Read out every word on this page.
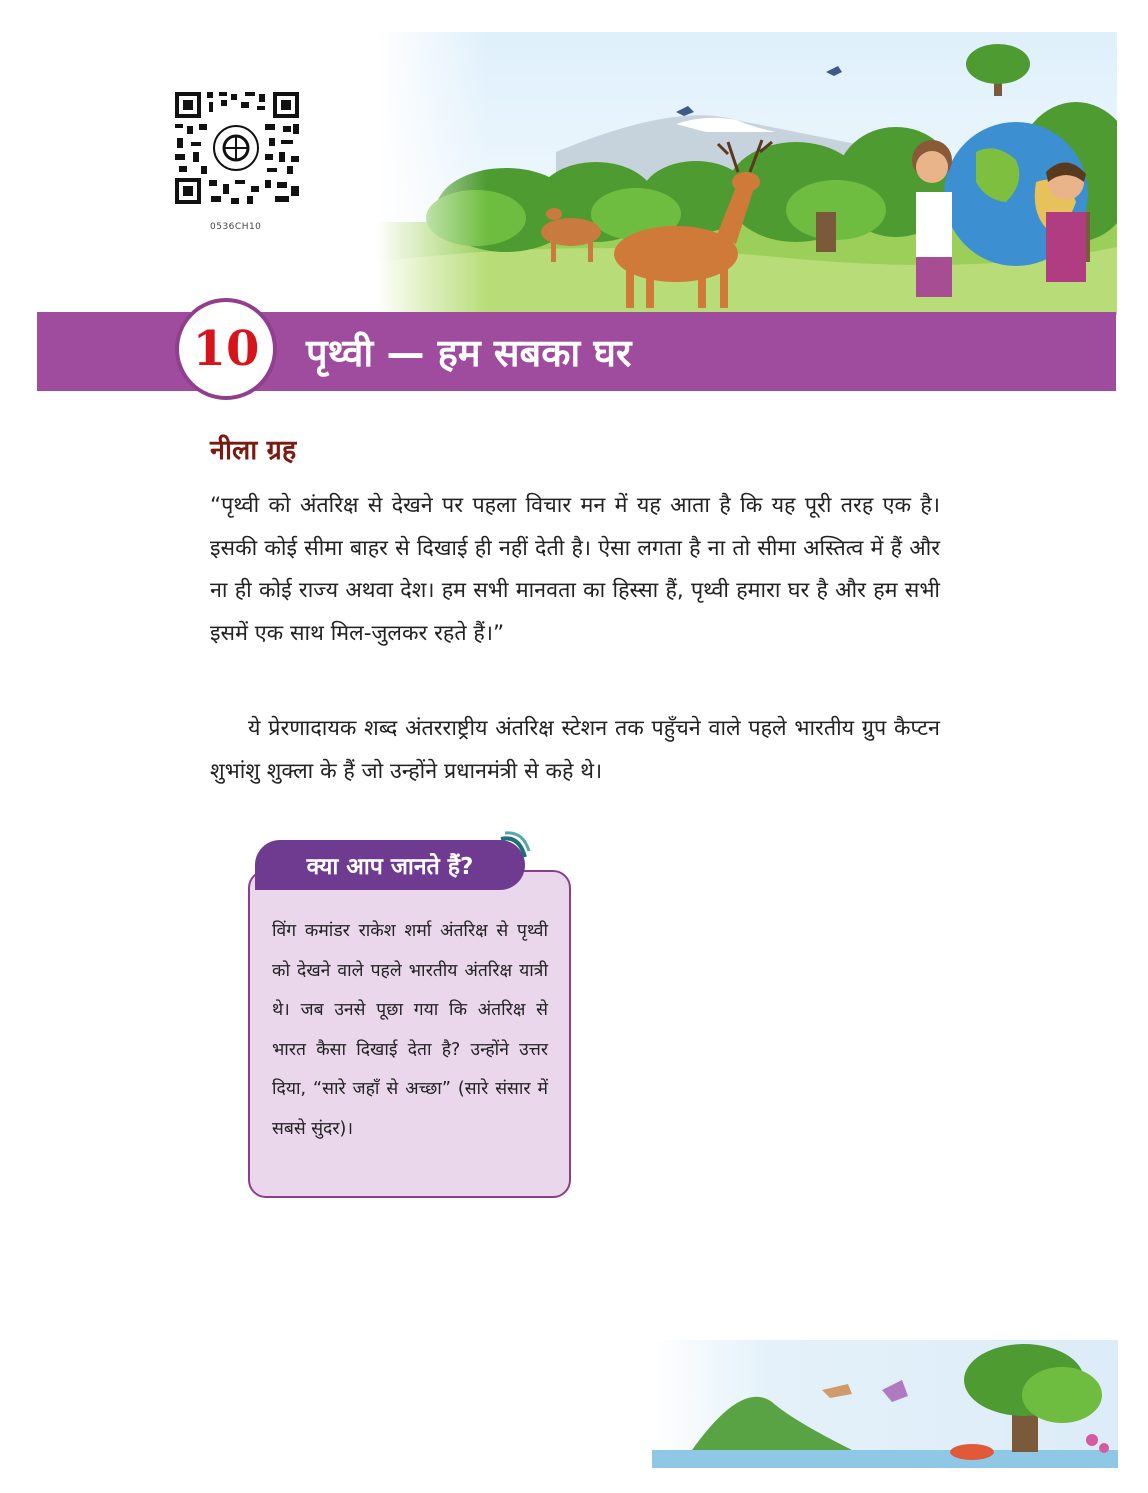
0536CH10
10 पृथ्वी — हम सबका घर
नीला ग्रह

“पृथ्वी को अंतरिक्ष से देखने पर पहला विचार मन में यह आता है कि यह पूरी तरह एक है। इसकी कोई सीमा बाहर से दिखाई ही नहीं देती है। ऐसा लगता है ना तो सीमा अस्तित्व में हैं और ना ही कोई राज्य अथवा देश। हम सभी मानवता का हिस्सा हैं, पृथ्वी हमारा घर है और हम सभी इसमें एक साथ मिल-जुलकर रहते हैं।”

ये प्रेरणादायक शब्द अंतरराष्ट्रीय अंतरिक्ष स्टेशन तक पहुँचने वाले पहले भारतीय ग्रुप कैप्टन शुभांशु शुक्ला के हैं जो उन्होंने प्रधानमंत्री से कहे थे।

क्या आप जानते हैं?

विंग कमांडर राकेश शर्मा अंतरिक्ष से पृथ्वी को देखने वाले पहले भारतीय अंतरिक्ष यात्री थे। जब उनसे पूछा गया कि अंतरिक्ष से भारत कैसा दिखाई देता है? उन्होंने उत्तर दिया, “सारे जहाँ से अच्छा” (सारे संसार में सबसे सुंदर)।
